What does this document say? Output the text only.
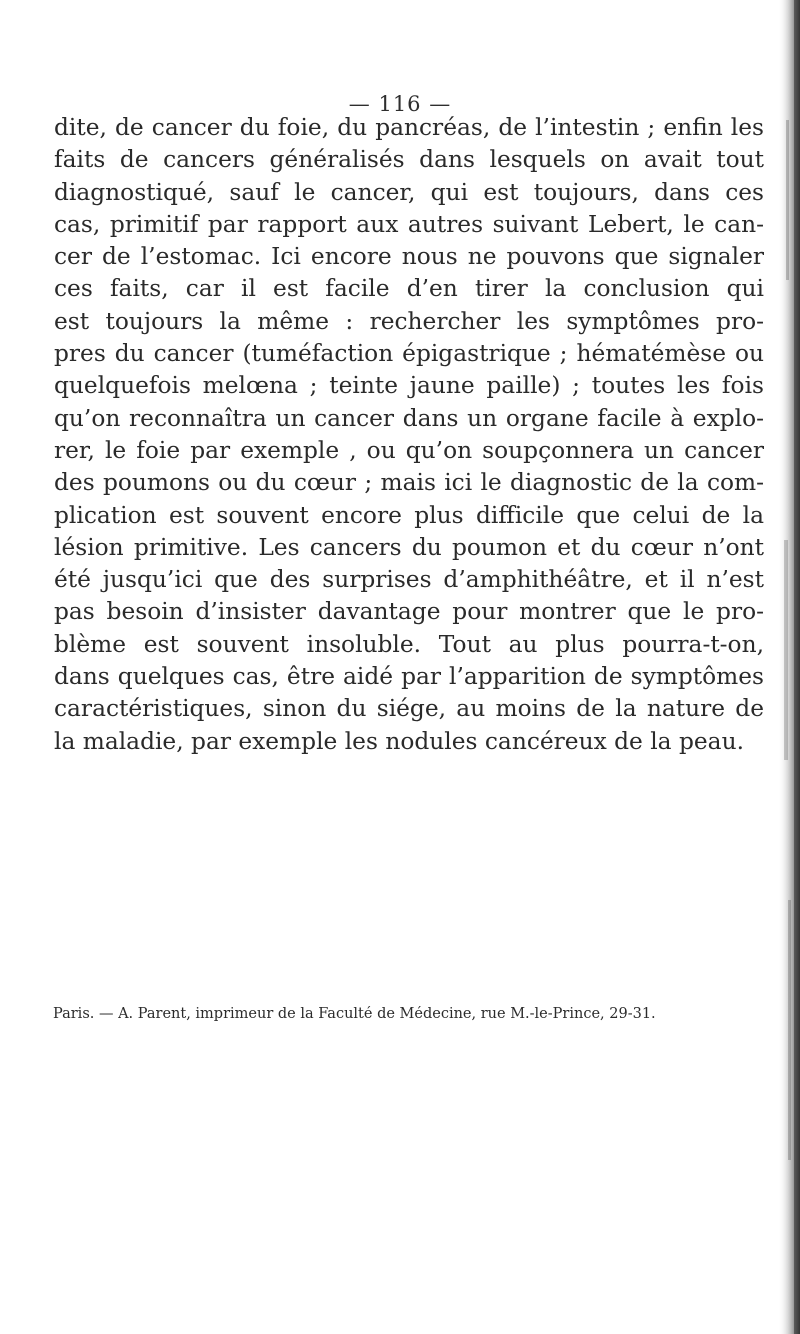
— 116 —
dite, de cancer du foie, du pancréas, de l’intestin ; enfin les
faits de cancers généralisés dans lesquels on avait tout
diagnostiqué, sauf le cancer, qui est toujours, dans ces
cas, primitif par rapport aux autres suivant Lebert, le can-
cer de l’estomac. Ici encore nous ne pouvons que signaler
ces faits, car il est facile d’en tirer la conclusion qui
est toujours la même : rechercher les symptômes pro-
pres du cancer (tuméfaction épigastrique ; hématémèse ou
quelquefois melœna ; teinte jaune paille) ; toutes les fois
qu’on reconnaîtra un cancer dans un organe facile à explo-
rer, le foie par exemple , ou qu’on soupçonnera un cancer
des poumons ou du cœur ; mais ici le diagnostic de la com-
plication est souvent encore plus difficile que celui de la
lésion primitive. Les cancers du poumon et du cœur n’ont
été jusqu’ici que des surprises d’amphithéâtre, et il n’est
pas besoin d’insister davantage pour montrer que le pro-
blème est souvent insoluble. Tout au plus pourra-t-on,
dans quelques cas, être aidé par l’apparition de symptômes
caractéristiques, sinon du siége, au moins de la nature de
la maladie, par exemple les nodules cancéreux de la peau.
Paris. — A. Parent, imprimeur de la Faculté de Médecine, rue M.-le-Prince, 29-31.
